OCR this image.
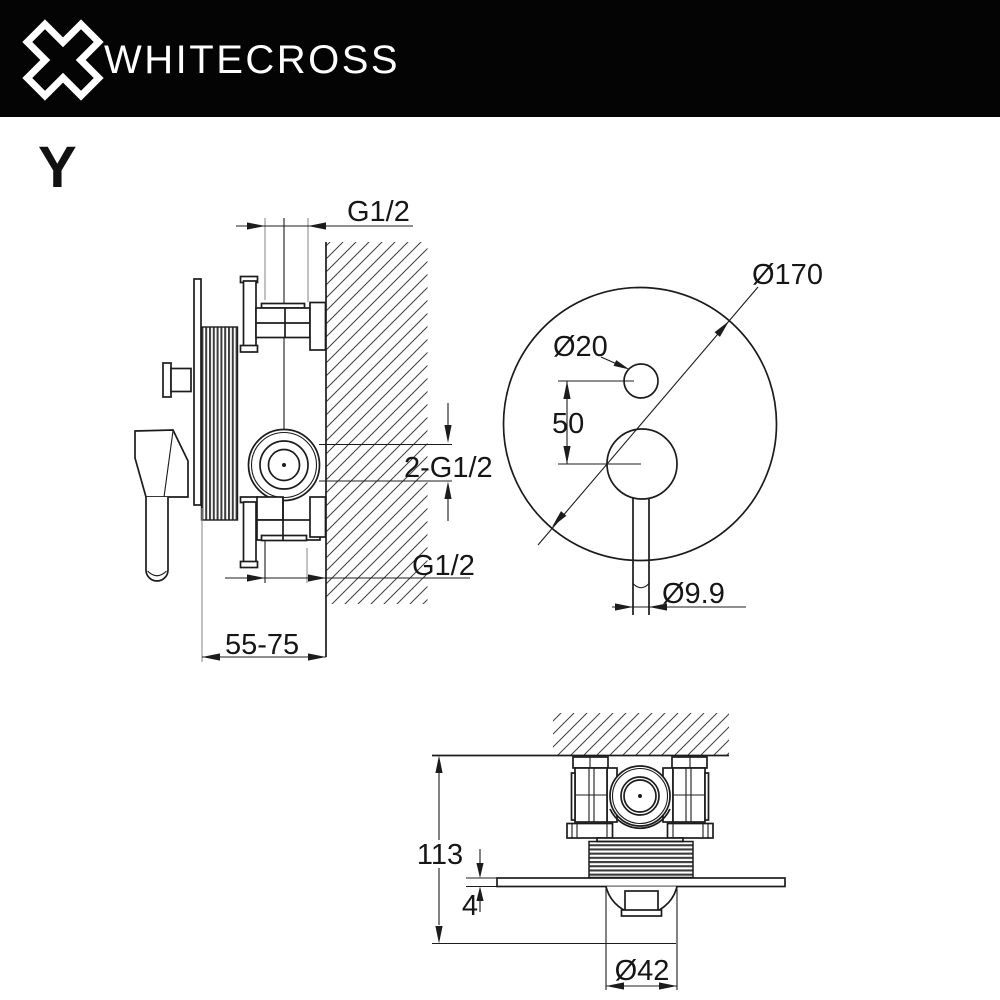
WHITECROSS
Y
G1/2
2-G1/2
G1/2
55-75
Ø170
Ø20
50
Ø9.9
113
4
Ø42
